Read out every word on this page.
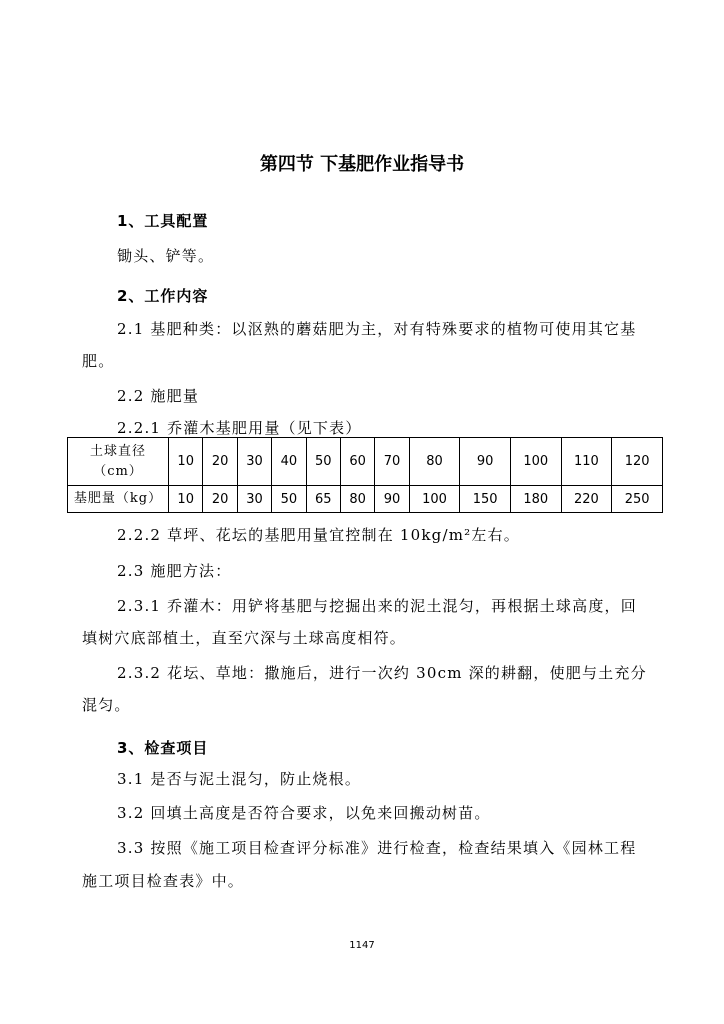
第四节 下基肥作业指导书
1、工具配置
锄头、铲等。
2、工作内容
2.1 基肥种类：以沤熟的蘑菇肥为主，对有特殊要求的植物可使用其它基
肥。
2.2 施肥量
2.2.1 乔灌木基肥用量（见下表）
土球直径
（cm）	10	20	30	40	50	60	70	80	90	100	110	120
基肥量（kg）	10	20	30	50	65	80	90	100	150	180	220	250
2.2.2 草坪、花坛的基肥用量宜控制在 10kg/m²左右。
2.3 施肥方法：
2.3.1 乔灌木：用铲将基肥与挖掘出来的泥土混匀，再根据土球高度，回
填树穴底部植土，直至穴深与土球高度相符。
2.3.2 花坛、草地：撒施后，进行一次约 30cm 深的耕翻，使肥与土充分
混匀。
3、检查项目
3.1 是否与泥土混匀，防止烧根。
3.2 回填土高度是否符合要求，以免来回搬动树苗。
3.3 按照《施工项目检查评分标准》进行检查，检查结果填入《园林工程
施工项目检查表》中。
1147
